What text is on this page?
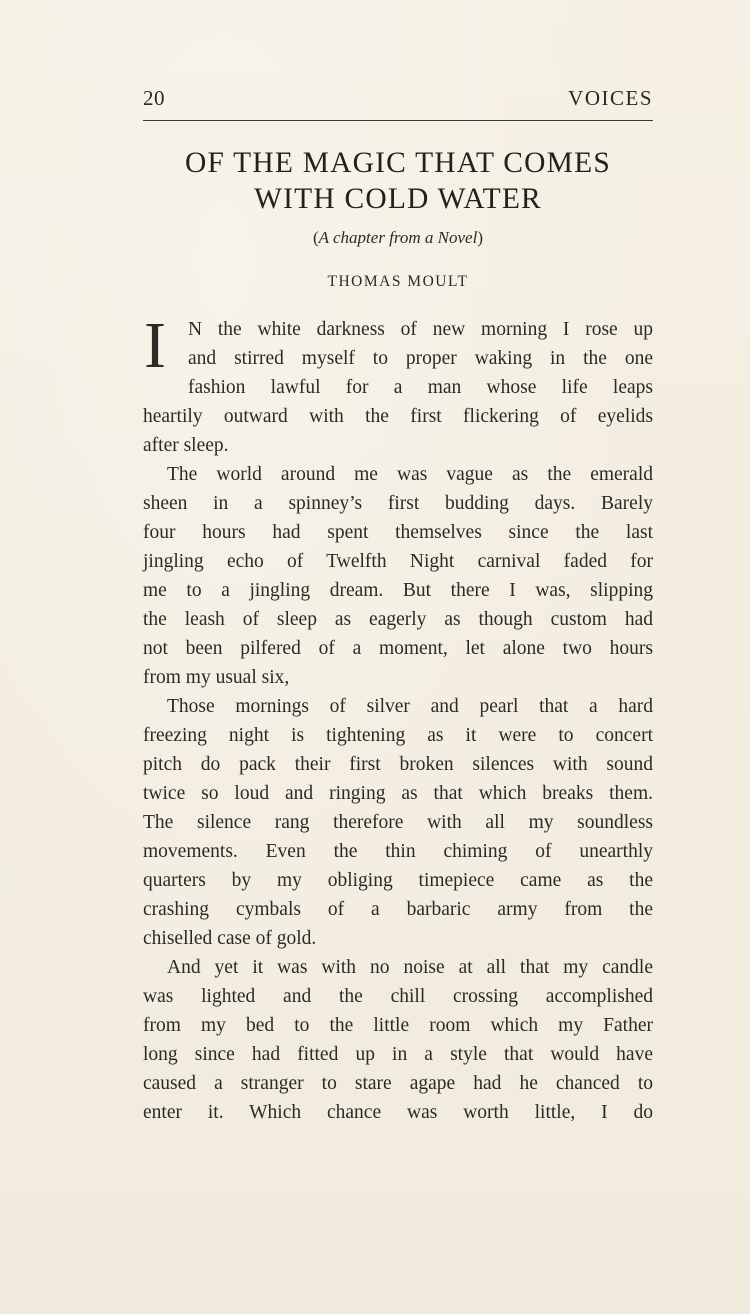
20	VOICES
OF THE MAGIC THAT COMES
WITH COLD WATER
(A chapter from a Novel)
THOMAS MOULT
I	N the white darkness of new morning I rose up
and stirred myself to proper waking in the one
fashion lawful for a man whose life leaps
heartily outward with the first flickering of eyelids
after sleep.
The world around me was vague as the emerald
sheen in a spinney’s first budding days. Barely
four hours had spent themselves since the last
jingling echo of Twelfth Night carnival faded for
me to a jingling dream. But there I was, slipping
the leash of sleep as eagerly as though custom had
not been pilfered of a moment, let alone two hours
from my usual six,
Those mornings of silver and pearl that a hard
freezing night is tightening as it were to concert
pitch do pack their first broken silences with sound
twice so loud and ringing as that which breaks them.
The silence rang therefore with all my soundless
movements. Even the thin chiming of unearthly
quarters by my obliging timepiece came as the
crashing cymbals of a barbaric army from the
chiselled case of gold.
And yet it was with no noise at all that my candle
was lighted and the chill crossing accomplished
from my bed to the little room which my Father
long since had fitted up in a style that would have
caused a stranger to stare agape had he chanced to
enter it. Which chance was worth little, I do
